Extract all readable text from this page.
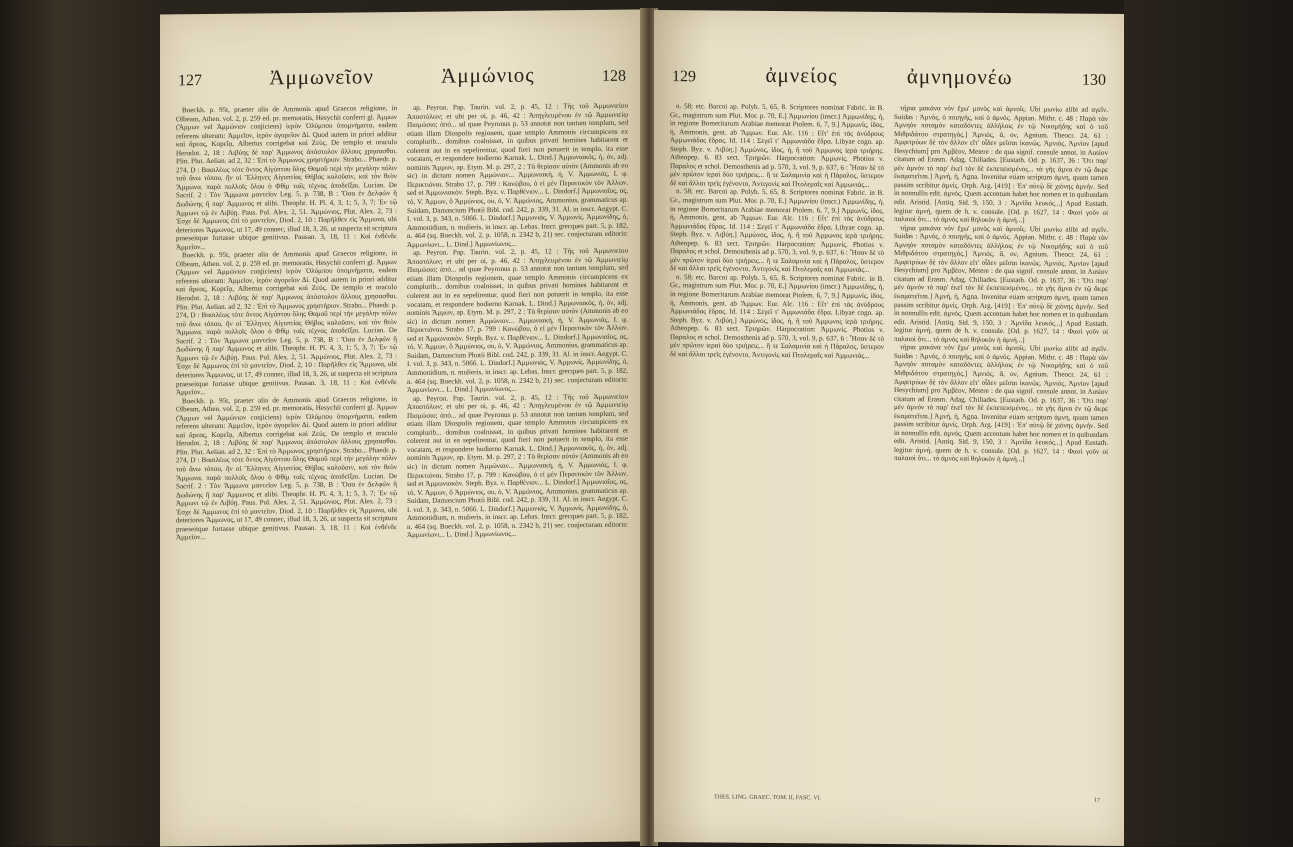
127	Ἀμμωνεῖον	Ἀμμώνιος	128

Boeckh. p. 95t, praeter alia de Ammonis apud Graecos religione, in Olbeam, Athen. vol. 2, p. 259 ed. pr. memoratis, Hesychii conferri gl. Ἀμμων (Ἄμμων vel Ἀμμώνιον conjiciens) ἱερὸν Ὀλύμπου ὑπομνήματα, eadem referens ulterum: Ἀμμεῖον, ἱερὸν ἀγορεῖον Δί. Quod autem in priori additur καὶ ἄρεας, Kopεΐᾳ, Albertus corrigebat καὶ Ζεύς. De templo et oraculo Herodot. 2, 18 : Λιβύης δὲ παρ' Ἀμμωνος ἀπόστολον ἄλλους χρησασθαι. Plin. Plut. Aelian. ad 2, 32 : Ἐπὶ τὸ Ἀμμωνος χρηστήριον. Strabo... Phaedr. p. 274, D : Βασιλέως τότε ὄντος Αἰγύπτου ὅλης Θαμοῦ περὶ τὴν μεγάλην πόλιν τοῦ ἄνω τόπου, ἣν οἱ Ἕλληνες Αἰγυπτίας Θήβας καλοῦσιν, καὶ τὸν θεὸν Ἄμμωνα. παρὰ πολλοῖς ὅλου ὁ Φθίμ ταῖς τέχνας ἀποδεῖξαι. Lucian. De Sacrif. 2 : Τὸν Ἄμμωνα μαντεῖον Leg. 5, p. 738, B : Ὄσα ἐν Δελφῶν ἢ Δωδώνης ἢ παρ' Ἀμμωνος et alibi. Theophr. H. Pl. 4, 3, 1; 5, 3, 7; Ἐν τῷ Ἀμμωνι τῷ ἐν Λιβύῃ. Paus. Pol. Alex. 2, 51. Ἀμμώνιος, Plut. Alex. 2, 73 : Ἐσχε δὲ Ἀμμωνος ἐπὶ τὸ μαντεῖον, Diod. 2, 10 : Παρῆλθεν εἰς Ἄμμωνα, ubi deteriores Ἄμμωνος, ut 17, 49 connec, illud 18, 3, 26, ut suspecta sit scriptura praeseitque fortasse ubique genitivus. Pausan. 3, 18, 11 : Καὶ ἐνθένδε Ἀμμεῖον...

Boeckh. p. 95t, praeter alia de Ammonis apud Graecos religione, in Olbeam, Athen. vol. 2, p. 259 ed. pr. memoratis, Hesychii conferri gl. Ἀμμων (Ἄμμων vel Ἀμμώνιον conjiciens) ἱερὸν Ὀλύμπου ὑπομνήματα, eadem referens ulterum: Ἀμμεῖον, ἱερὸν ἀγορεῖον Δί. Quod autem in priori additur καὶ ἄρεας, Kopεΐᾳ, Albertus corrigebat καὶ Ζεύς. De templo et oraculo Herodot. 2, 18 : Λιβύης δὲ παρ' Ἀμμωνος ἀπόστολον ἄλλους χρησασθαι. Plin. Plut. Aelian. ad 2, 32 : Ἐπὶ τὸ Ἀμμωνος χρηστήριον. Strabo... Phaedr. p. 274, D : Βασιλέως τότε ὄντος Αἰγύπτου ὅλης Θαμοῦ περὶ τὴν μεγάλην πόλιν τοῦ ἄνω τόπου, ἣν οἱ Ἕλληνες Αἰγυπτίας Θήβας καλοῦσιν, καὶ τὸν θεὸν Ἄμμωνα. παρὰ πολλοῖς ὅλου ὁ Φθίμ ταῖς τέχνας ἀποδεῖξαι. Lucian. De Sacrif. 2 : Τὸν Ἄμμωνα μαντεῖον Leg. 5, p. 738, B : Ὄσα ἐν Δελφῶν ἢ Δωδώνης ἢ παρ' Ἀμμωνος et alibi. Theophr. H. Pl. 4, 3, 1; 5, 3, 7; Ἐν τῷ Ἀμμωνι τῷ ἐν Λιβύῃ. Paus. Pol. Alex. 2, 51. Ἀμμώνιος, Plut. Alex. 2, 73 : Ἐσχε δὲ Ἀμμωνος ἐπὶ τὸ μαντεῖον, Diod. 2, 10 : Παρῆλθεν εἰς Ἄμμωνα, ubi deteriores Ἄμμωνος, ut 17, 49 connec, illud 18, 3, 26, ut suspecta sit scriptura praeseitque fortasse ubique genitivus. Pausan. 3, 18, 11 : Καὶ ἐνθένδε Ἀμμεῖον...

Boeckh. p. 95t, praeter alia de Ammonis apud Graecos religione, in Olbeam, Athen. vol. 2, p. 259 ed. pr. memoratis, Hesychii conferri gl. Ἀμμων (Ἄμμων vel Ἀμμώνιον conjiciens) ἱερὸν Ὀλύμπου ὑπομνήματα, eadem referens ulterum: Ἀμμεῖον, ἱερὸν ἀγορεῖον Δί. Quod autem in priori additur καὶ ἄρεας, Kopεΐᾳ, Albertus corrigebat καὶ Ζεύς. De templo et oraculo Herodot. 2, 18 : Λιβύης δὲ παρ' Ἀμμωνος ἀπόστολον ἄλλους χρησασθαι. Plin. Plut. Aelian. ad 2, 32 : Ἐπὶ τὸ Ἀμμωνος χρηστήριον. Strabo... Phaedr. p. 274, D : Βασιλέως τότε ὄντος Αἰγύπτου ὅλης Θαμοῦ περὶ τὴν μεγάλην πόλιν τοῦ ἄνω τόπου, ἣν οἱ Ἕλληνες Αἰγυπτίας Θήβας καλοῦσιν, καὶ τὸν θεὸν Ἄμμωνα. παρὰ πολλοῖς ὅλου ὁ Φθίμ ταῖς τέχνας ἀποδεῖξαι. Lucian. De Sacrif. 2 : Τὸν Ἄμμωνα μαντεῖον Leg. 5, p. 738, B : Ὄσα ἐν Δελφῶν ἢ Δωδώνης ἢ παρ' Ἀμμωνος et alibi. Theophr. H. Pl. 4, 3, 1; 5, 3, 7; Ἐν τῷ Ἀμμωνι τῷ ἐν Λιβύῃ. Paus. Pol. Alex. 2, 51. Ἀμμώνιος, Plut. Alex. 2, 73 : Ἐσχε δὲ Ἀμμωνος ἐπὶ τὸ μαντεῖον, Diod. 2, 10 : Παρῆλθεν εἰς Ἄμμωνα, ubi deteriores Ἄμμωνος, ut 17, 49 connec, illud 18, 3, 26, ut suspecta sit scriptura praeseitque fortasse ubique genitivus. Pausan. 3, 18, 11 : Καὶ ἐνθένδε Ἀμμεῖον...

ap. Peyron. Pap. Taurin. vol. 2, p. 45, 12 : Τῆς τοῦ Ἀμμωνιείου Ἀποστόλων; et ubi per oi, p. 46, 42 : Ἀπηγλευμένου ἐν τῷ Ἀμμωνιείῳ Πισμώσιο; ἀπό... ad quae Peyronus p. 53 annotat non tantum templum, sed etiam illam Diospolis regionem, quae templo Ammonis circumpicens ex complurib... domibus coalnisset, in quibus privati homines habitarent et colerent aut in ea sepelirentur, quod fieri non potuerit in templo, ita esse vocatam, et respondere hodierno Karnak. L. Dind.] Ἀμμωνιακός, ή, όν, adj. nominis Ἄμμων, ap. Etym. M. p. 297, 2 : Τὰ θερίσαν αὐτὸν (Ammonis ab eo sic) in dictum nomen Ἀμμώνιον... Ἀμμωνιακὴ, ή, V. Ἀμμωνιάς, I. φ. Περικτιόναι. Strabo 17, p. 799 : Κανώβου, ὁ εἰ μὲν Περσιτικὸν τὸν Ἀλλων. sed et Ἀμμωνιακὸν. Steph. Byz. v. Παρθένιον... L. Dindorf.] Ἀμμωνιαῖος, ας, τό, V. Ἀμμων, ὃ Ἀμμώνιος, ου, ὁ, V. Ἀμμώνιος, Ammonius, grammaticus ap. Suidam, Damascium Photii Bibl. cod. 242, p. 339, 31. Al. in inscr. Aegypt. C. I. vol. 3, p. 343, n. 5066. L. Dindorf.] Ἀμμωνιάς, V. Ἀμμωνίς. Ἀμμωνίδης, ὁ, Ammonidium, n. mulieris, in inscr. ap. Lebas. Inscr. grecques part. 5, p. 182, n. 464 (sq. Boeckh. vol. 2, p. 1058, n. 2342 b, 21) sec. conjecturam editoris: Ἀμμωνίωνι... L. Dind.] Ἀμμωνίωνος...

ap. Peyron. Pap. Taurin. vol. 2, p. 45, 12 : Τῆς τοῦ Ἀμμωνιείου Ἀποστόλων; et ubi per oi, p. 46, 42 : Ἀπηγλευμένου ἐν τῷ Ἀμμωνιείῳ Πισμώσιο; ἀπό... ad quae Peyronus p. 53 annotat non tantum templum, sed etiam illam Diospolis regionem, quae templo Ammonis circumpicens ex complurib... domibus coalnisset, in quibus privati homines habitarent et colerent aut in ea sepelirentur, quod fieri non potuerit in templo, ita esse vocatam, et respondere hodierno Karnak. L. Dind.] Ἀμμωνιακός, ή, όν, adj. nominis Ἄμμων, ap. Etym. M. p. 297, 2 : Τὰ θερίσαν αὐτὸν (Ammonis ab eo sic) in dictum nomen Ἀμμώνιον... Ἀμμωνιακὴ, ή, V. Ἀμμωνιάς, I. φ. Περικτιόναι. Strabo 17, p. 799 : Κανώβου, ὁ εἰ μὲν Περσιτικὸν τὸν Ἀλλων. sed et Ἀμμωνιακὸν. Steph. Byz. v. Παρθένιον... L. Dindorf.] Ἀμμωνιαῖος, ας, τό, V. Ἀμμων, ὃ Ἀμμώνιος, ου, ὁ, V. Ἀμμώνιος, Ammonius, grammaticus ap. Suidam, Damascium Photii Bibl. cod. 242, p. 339, 31. Al. in inscr. Aegypt. C. I. vol. 3, p. 343, n. 5066. L. Dindorf.] Ἀμμωνιάς, V. Ἀμμωνίς. Ἀμμωνίδης, ὁ, Ammonidium, n. mulieris, in inscr. ap. Lebas. Inscr. grecques part. 5, p. 182, n. 464 (sq. Boeckh. vol. 2, p. 1058, n. 2342 b, 21) sec. conjecturam editoris: Ἀμμωνίωνι... L. Dind.] Ἀμμωνίωνος...

ap. Peyron. Pap. Taurin. vol. 2, p. 45, 12 : Τῆς τοῦ Ἀμμωνιείου Ἀποστόλων; et ubi per oi, p. 46, 42 : Ἀπηγλευμένου ἐν τῷ Ἀμμωνιείῳ Πισμώσιο; ἀπό... ad quae Peyronus p. 53 annotat non tantum templum, sed etiam illam Diospolis regionem, quae templo Ammonis circumpicens ex complurib... domibus coalnisset, in quibus privati homines habitarent et colerent aut in ea sepelirentur, quod fieri non potuerit in templo, ita esse vocatam, et respondere hodierno Karnak. L. Dind.] Ἀμμωνιακός, ή, όν, adj. nominis Ἄμμων, ap. Etym. M. p. 297, 2 : Τὰ θερίσαν αὐτὸν (Ammonis ab eo sic) in dictum nomen Ἀμμώνιον... Ἀμμωνιακὴ, ή, V. Ἀμμωνιάς, I. φ. Περικτιόναι. Strabo 17, p. 799 : Κανώβου, ὁ εἰ μὲν Περσιτικὸν τὸν Ἀλλων. sed et Ἀμμωνιακὸν. Steph. Byz. v. Παρθένιον... L. Dindorf.] Ἀμμωνιαῖος, ας, τό, V. Ἀμμων, ὃ Ἀμμώνιος, ου, ὁ, V. Ἀμμώνιος, Ammonius, grammaticus ap. Suidam, Damascium Photii Bibl. cod. 242, p. 339, 31. Al. in inscr. Aegypt. C. I. vol. 3, p. 343, n. 5066. L. Dindorf.] Ἀμμωνιάς, V. Ἀμμωνίς. Ἀμμωνίδης, ὁ, Ammonidium, n. mulieris, in inscr. ap. Lebas. Inscr. grecques part. 5, p. 182, n. 464 (sq. Boeckh. vol. 2, p. 1058, n. 2342 b, 21) sec. conjecturam editoris: Ἀμμωνίωνι... L. Dind.] Ἀμμωνίωνος...

129	ἀμνείος	ἀμνημονέω	130

n. 58; etc. Barcoi ap. Polyb. 5, 65, 8. Scriptores nominat Fabric. in B. Gr., magistrum sum Plut. Mor. p. 70, E.] Ἀμμωνίου (inscr.) Ἀμμωνίδης, ή, in regione Bomeritarum Arabiae memorat Ptolem. 6, 7, 9.] Ἀμμωνίς, ίδος, ή, Ammonis, gent. ab Ἄμμων. Eur. Alc. 116 : Εἴτ' ἐπὶ τὰς ἀνύδρους Ἀμμωνιάδας ἕδρας. Id. 114 : Σεγεῖ τ' Ἀμμωνιάδα ἕδρα. Libyae cogn. ap. Steph. Byz. v. Λιβύη.] Ἀμμώνος, ίδος, ή, ἢ τοῦ Ἀμμωνος ἱερὰ τριήρης. Atheopep. 6. 83 sect. Τριηρῶν. Harpocration: Ἀμμωνίς. Photios v. Παραλος et schol. Demosthenis ad p. 570, 3, vol. 9, p. 637, 6 : Ἦσαν δὲ τὸ μὲν πρῶτον ἱεραὶ δύο τριήρεις... ἢ τε Σαλαμινία καὶ ἡ Πάραλος, ὕστερον δὲ καὶ ἄλλαι τρεῖς ἐγένοντο, Ἀντιγονὶς καὶ Πτολεμαΐς καὶ Ἀμμωνιάς...

n. 58; etc. Barcoi ap. Polyb. 5, 65, 8. Scriptores nominat Fabric. in B. Gr., magistrum sum Plut. Mor. p. 70, E.] Ἀμμωνίου (inscr.) Ἀμμωνίδης, ή, in regione Bomeritarum Arabiae memorat Ptolem. 6, 7, 9.] Ἀμμωνίς, ίδος, ή, Ammonis, gent. ab Ἄμμων. Eur. Alc. 116 : Εἴτ' ἐπὶ τὰς ἀνύδρους Ἀμμωνιάδας ἕδρας. Id. 114 : Σεγεῖ τ' Ἀμμωνιάδα ἕδρα. Libyae cogn. ap. Steph. Byz. v. Λιβύη.] Ἀμμώνος, ίδος, ή, ἢ τοῦ Ἀμμωνος ἱερὰ τριήρης. Atheopep. 6. 83 sect. Τριηρῶν. Harpocration: Ἀμμωνίς. Photios v. Παραλος et schol. Demosthenis ad p. 570, 3, vol. 9, p. 637, 6 : Ἦσαν δὲ τὸ μὲν πρῶτον ἱεραὶ δύο τριήρεις... ἢ τε Σαλαμινία καὶ ἡ Πάραλος, ὕστερον δὲ καὶ ἄλλαι τρεῖς ἐγένοντο, Ἀντιγονὶς καὶ Πτολεμαΐς καὶ Ἀμμωνιάς...

n. 58; etc. Barcoi ap. Polyb. 5, 65, 8. Scriptores nominat Fabric. in B. Gr., magistrum sum Plut. Mor. p. 70, E.] Ἀμμωνίου (inscr.) Ἀμμωνίδης, ή, in regione Bomeritarum Arabiae memorat Ptolem. 6, 7, 9.] Ἀμμωνίς, ίδος, ή, Ammonis, gent. ab Ἄμμων. Eur. Alc. 116 : Εἴτ' ἐπὶ τὰς ἀνύδρους Ἀμμωνιάδας ἕδρας. Id. 114 : Σεγεῖ τ' Ἀμμωνιάδα ἕδρα. Libyae cogn. ap. Steph. Byz. v. Λιβύη.] Ἀμμώνος, ίδος, ή, ἢ τοῦ Ἀμμωνος ἱερὰ τριήρης. Atheopep. 6. 83 sect. Τριηρῶν. Harpocration: Ἀμμωνίς. Photios v. Παραλος et schol. Demosthenis ad p. 570, 3, vol. 9, p. 637, 6 : Ἦσαν δὲ τὸ μὲν πρῶτον ἱεραὶ δύο τριήρεις... ἢ τε Σαλαμινία καὶ ἡ Πάραλος, ὕστερον δὲ καὶ ἄλλαι τρεῖς ἐγένοντο, Ἀντιγονὶς καὶ Πτολεμαΐς καὶ Ἀμμωνιάς...

τήρια μακάνα νόν ἔχω' μονὸς καὶ ἀμνοῖς. Ubi μωνίω alibi ad αγεῖν. Suidas : Ἀμνός, ὁ ποιηγής, καὶ ὁ ἀμνός. Appian. Mithr. c. 48 : Παρὰ τὰν Ἀμνηὸν ποταμὸν καταδόντες ἀλλήλοις ἐν τῷ Νικομήδης καὶ ὁ τοῦ Μιθριδάτου στρατηγὸς.] Ἀμνιός, ᾶ, ον, Agnium. Theocr. 24, 61 : Ἀμφιτρύων δὲ τὸν ἄλλον εἴτ' οἶδεν μεῖσαι ἰκανῶς. Ἀμνιός, Ἀμνίον [apud Hesychium] pro Ἀμβέον, Metere : de qua signif. consule annot. in Ausiov citatum ad Erasm. Adag. Chiliades. [Eustath. Od. p. 1637, 36 : Ὅτι παρ' μὲν ἀμνόν τὸ παρ' ἐκεῖ τὸν δὲ ἐκπεπεισμένος... τὰ γῆς ἄμνα ἐν τῷ ἄκρε ἐκαματεῖται.] Ἀμνή, ή, Agna. Invenitur etiam scriptum ἀμνη, quam tamen passim scribitur ἀμνίς. Orph. Arg. [419] : Ἐπ' αὐτῷ δὲ χιόνης ἀμνήν. Sed in nonnullis edit. ἀμνός. Quem accentum habet hoc nomen et in quibusdam edit. Aristid. [Antiq. Sid. 9, 150, 3 : Ἀμνίδα λευκός...] Apud Eustath. legitur ἀμνή, quem de h. v. consule. [Od. p. 1627, 14 : Φασὶ γοῦν οἱ παλαιοὶ ὅτι... τὸ ἀμνὸς καὶ θηλυκὸν ἡ ἀμνή...]

τήρια μακάνα νόν ἔχω' μονὸς καὶ ἀμνοῖς. Ubi μωνίω alibi ad αγεῖν. Suidas : Ἀμνός, ὁ ποιηγής, καὶ ὁ ἀμνός. Appian. Mithr. c. 48 : Παρὰ τὰν Ἀμνηὸν ποταμὸν καταδόντες ἀλλήλοις ἐν τῷ Νικομήδης καὶ ὁ τοῦ Μιθριδάτου στρατηγὸς.] Ἀμνιός, ᾶ, ον, Agnium. Theocr. 24, 61 : Ἀμφιτρύων δὲ τὸν ἄλλον εἴτ' οἶδεν μεῖσαι ἰκανῶς. Ἀμνιός, Ἀμνίον [apud Hesychium] pro Ἀμβέον, Metere : de qua signif. consule annot. in Ausiov citatum ad Erasm. Adag. Chiliades. [Eustath. Od. p. 1637, 36 : Ὅτι παρ' μὲν ἀμνόν τὸ παρ' ἐκεῖ τὸν δὲ ἐκπεπεισμένος... τὰ γῆς ἄμνα ἐν τῷ ἄκρε ἐκαματεῖται.] Ἀμνή, ή, Agna. Invenitur etiam scriptum ἀμνη, quam tamen passim scribitur ἀμνίς. Orph. Arg. [419] : Ἐπ' αὐτῷ δὲ χιόνης ἀμνήν. Sed in nonnullis edit. ἀμνός. Quem accentum habet hoc nomen et in quibusdam edit. Aristid. [Antiq. Sid. 9, 150, 3 : Ἀμνίδα λευκός...] Apud Eustath. legitur ἀμνή, quem de h. v. consule. [Od. p. 1627, 14 : Φασὶ γοῦν οἱ παλαιοὶ ὅτι... τὸ ἀμνὸς καὶ θηλυκὸν ἡ ἀμνή...]

τήρια μακάνα νόν ἔχω' μονὸς καὶ ἀμνοῖς. Ubi μωνίω alibi ad αγεῖν. Suidas : Ἀμνός, ὁ ποιηγής, καὶ ὁ ἀμνός. Appian. Mithr. c. 48 : Παρὰ τὰν Ἀμνηὸν ποταμὸν καταδόντες ἀλλήλοις ἐν τῷ Νικομήδης καὶ ὁ τοῦ Μιθριδάτου στρατηγὸς.] Ἀμνιός, ᾶ, ον, Agnium. Theocr. 24, 61 : Ἀμφιτρύων δὲ τὸν ἄλλον εἴτ' οἶδεν μεῖσαι ἰκανῶς. Ἀμνιός, Ἀμνίον [apud Hesychium] pro Ἀμβέον, Metere : de qua signif. consule annot. in Ausiov citatum ad Erasm. Adag. Chiliades. [Eustath. Od. p. 1637, 36 : Ὅτι παρ' μὲν ἀμνόν τὸ παρ' ἐκεῖ τὸν δὲ ἐκπεπεισμένος... τὰ γῆς ἄμνα ἐν τῷ ἄκρε ἐκαματεῖται.] Ἀμνή, ή, Agna. Invenitur etiam scriptum ἀμνη, quam tamen passim scribitur ἀμνίς. Orph. Arg. [419] : Ἐπ' αὐτῷ δὲ χιόνης ἀμνήν. Sed in nonnullis edit. ἀμνός. Quem accentum habet hoc nomen et in quibusdam edit. Aristid. [Antiq. Sid. 9, 150, 3 : Ἀμνίδα λευκός...] Apud Eustath. legitur ἀμνή, quem de h. v. consule. [Od. p. 1627, 14 : Φασὶ γοῦν οἱ παλαιοὶ ὅτι... τὸ ἀμνὸς καὶ θηλυκὸν ἡ ἀμνή...]

THES. LING. GRAEC. TOM. II, FASC. VI.	17
